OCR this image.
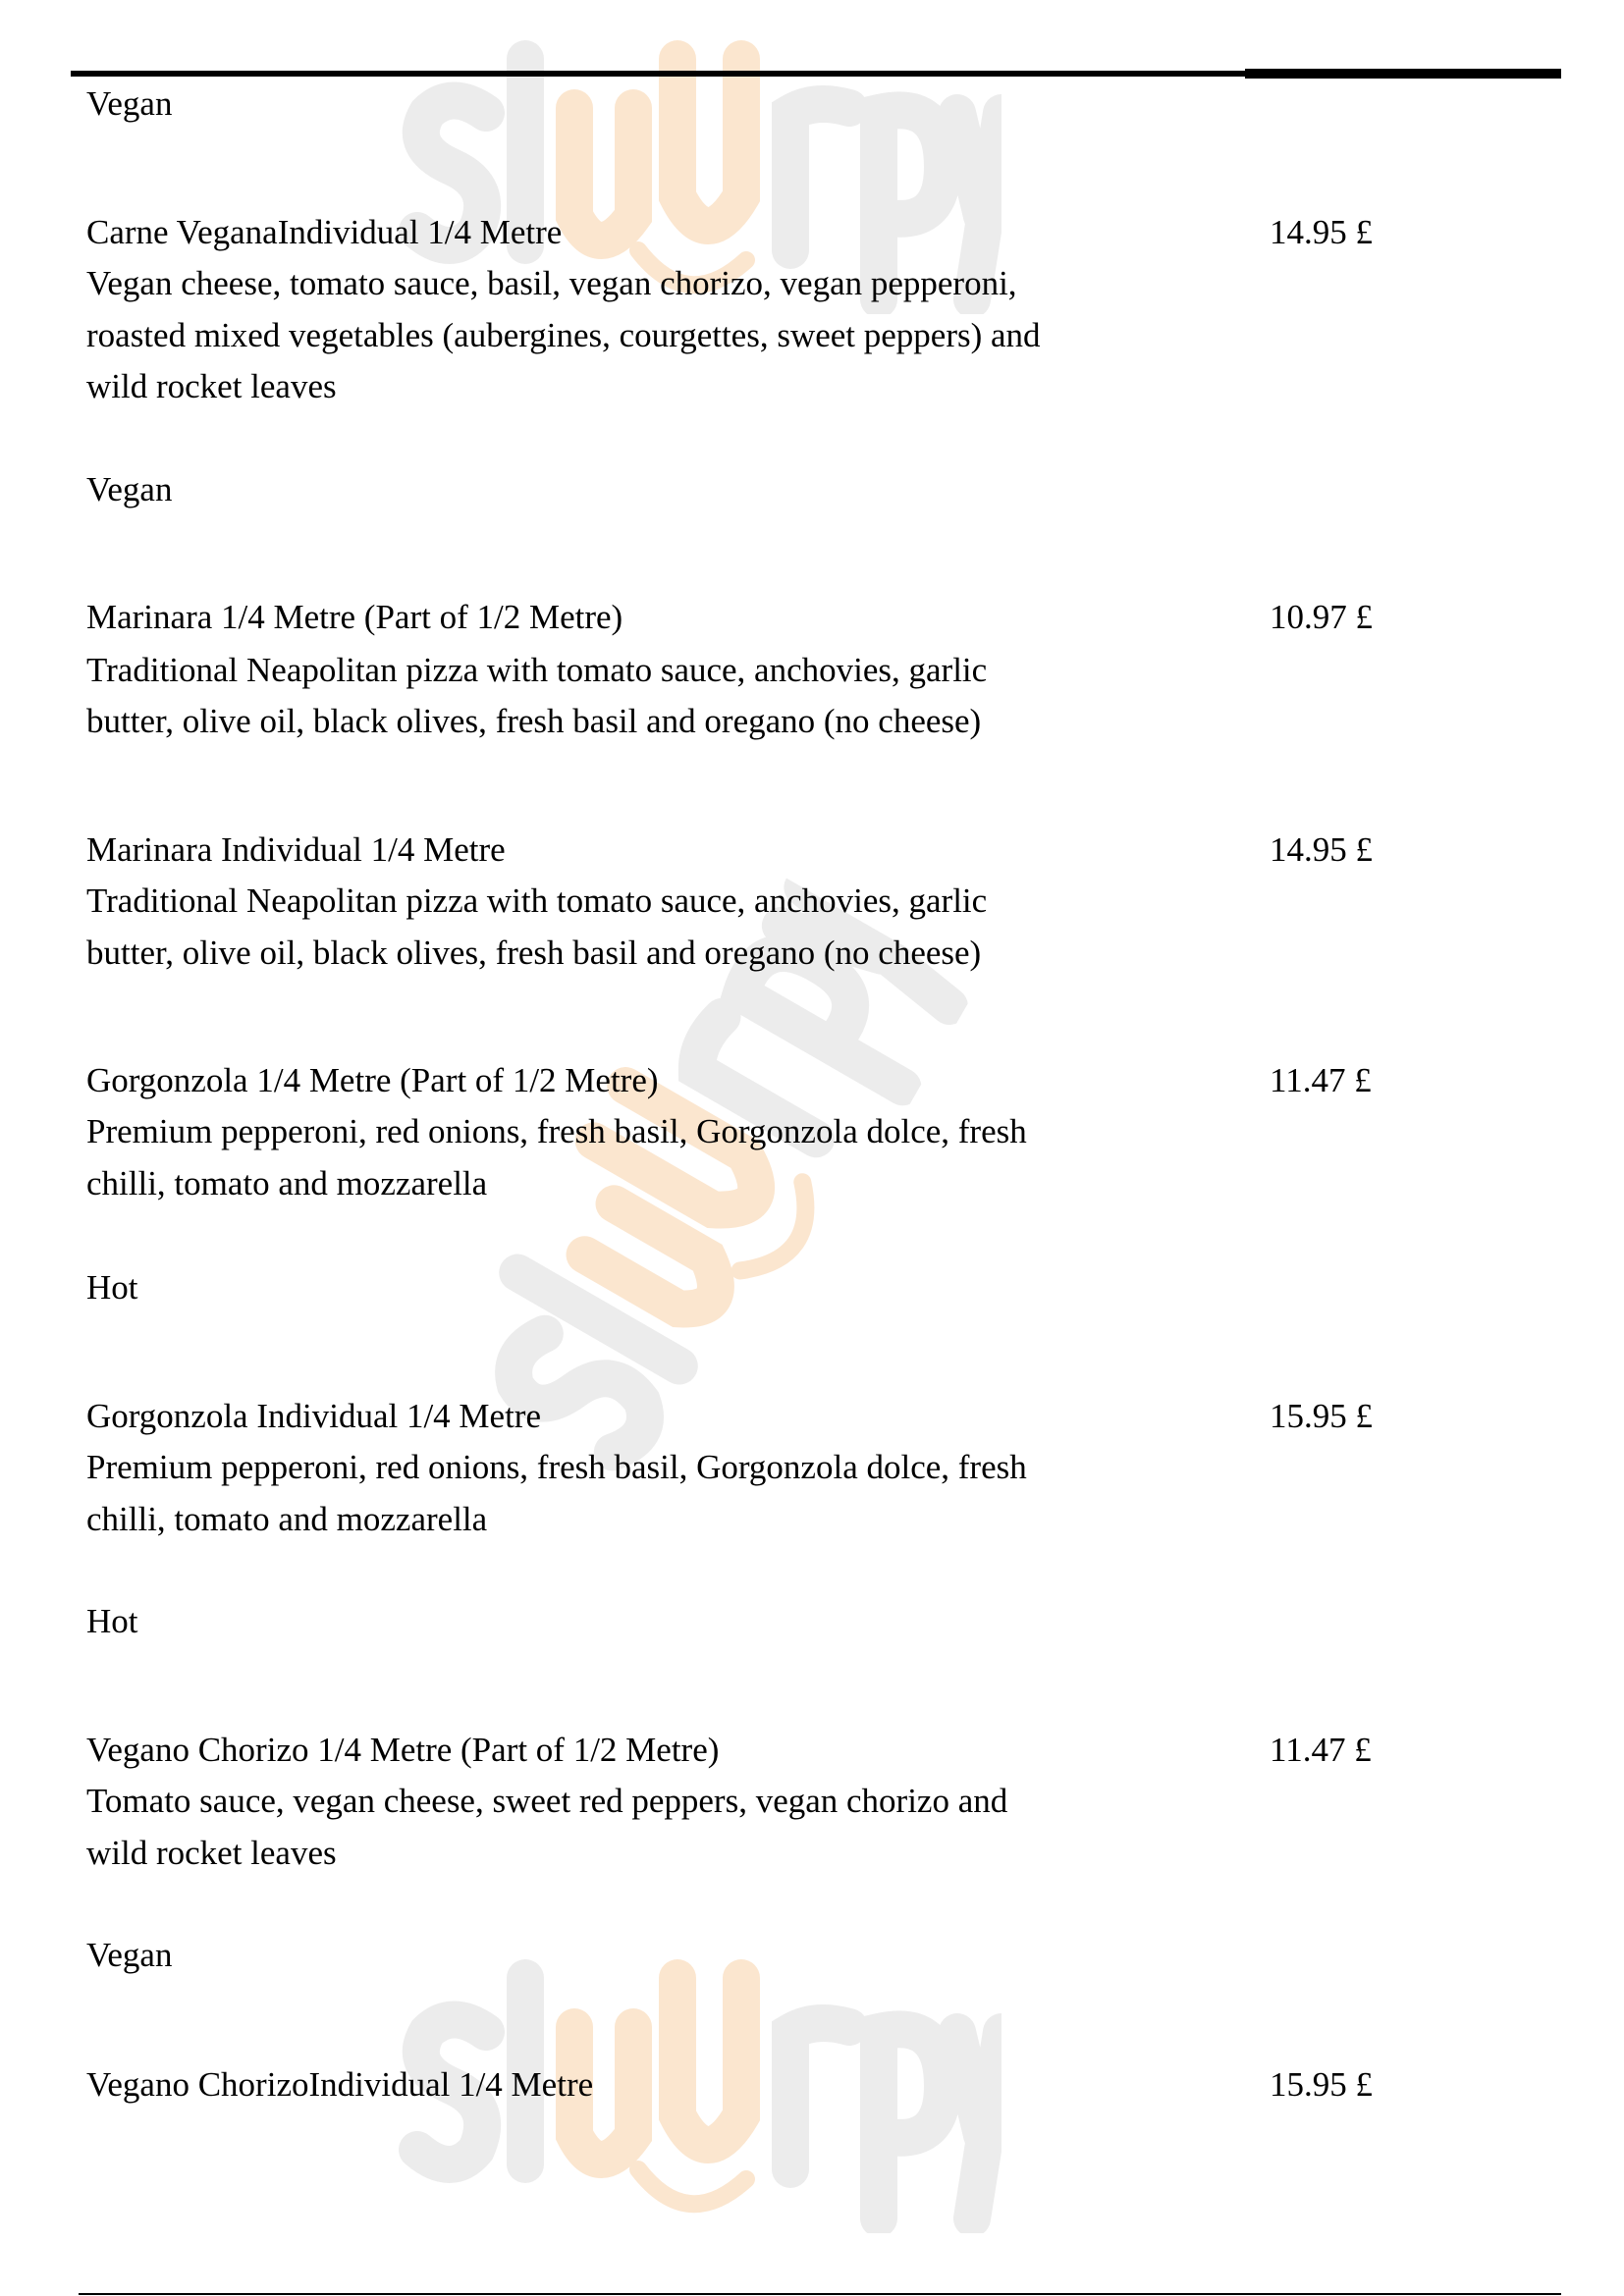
Vegan
Carne VeganaIndividual 1/4 Metre	14.95 £
Vegan cheese, tomato sauce, basil, vegan chorizo, vegan pepperoni,
roasted mixed vegetables (aubergines, courgettes, sweet peppers) and
wild rocket leaves
Vegan
Marinara 1/4 Metre (Part of 1/2 Metre)	10.97 £
Traditional Neapolitan pizza with tomato sauce, anchovies, garlic
butter, olive oil, black olives, fresh basil and oregano (no cheese)
Marinara Individual 1/4 Metre	14.95 £
Traditional Neapolitan pizza with tomato sauce, anchovies, garlic
butter, olive oil, black olives, fresh basil and oregano (no cheese)
Gorgonzola 1/4 Metre (Part of 1/2 Metre)	11.47 £
Premium pepperoni, red onions, fresh basil, Gorgonzola dolce, fresh
chilli, tomato and mozzarella
Hot
Gorgonzola Individual 1/4 Metre	15.95 £
Premium pepperoni, red onions, fresh basil, Gorgonzola dolce, fresh
chilli, tomato and mozzarella
Hot
Vegano Chorizo 1/4 Metre (Part of 1/2 Metre)	11.47 £
Tomato sauce, vegan cheese, sweet red peppers, vegan chorizo and
wild rocket leaves
Vegan
Vegano ChorizoIndividual 1/4 Metre	15.95 £
